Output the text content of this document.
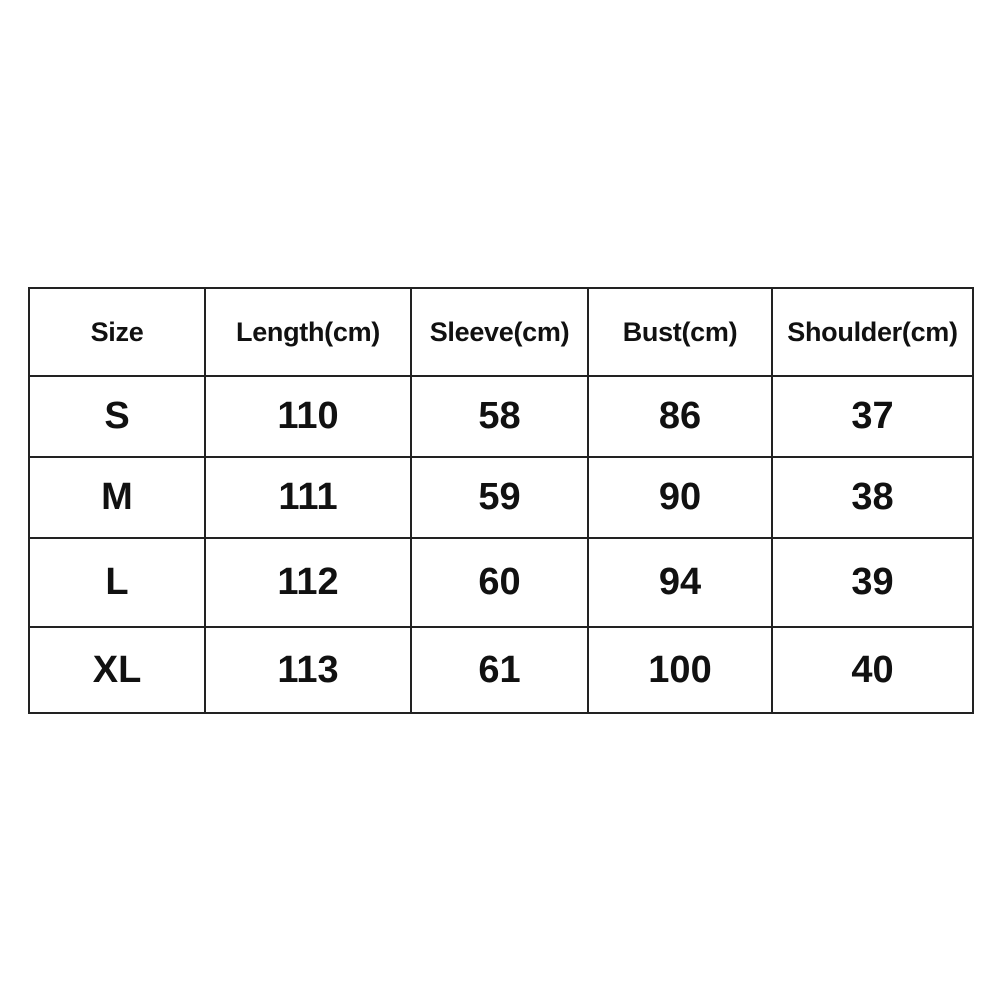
Size	Length(cm)	Sleeve(cm)	Bust(cm)	Shoulder(cm)
S	110	58	86	37
M	111	59	90	38
L	112	60	94	39
XL	113	61	100	40
